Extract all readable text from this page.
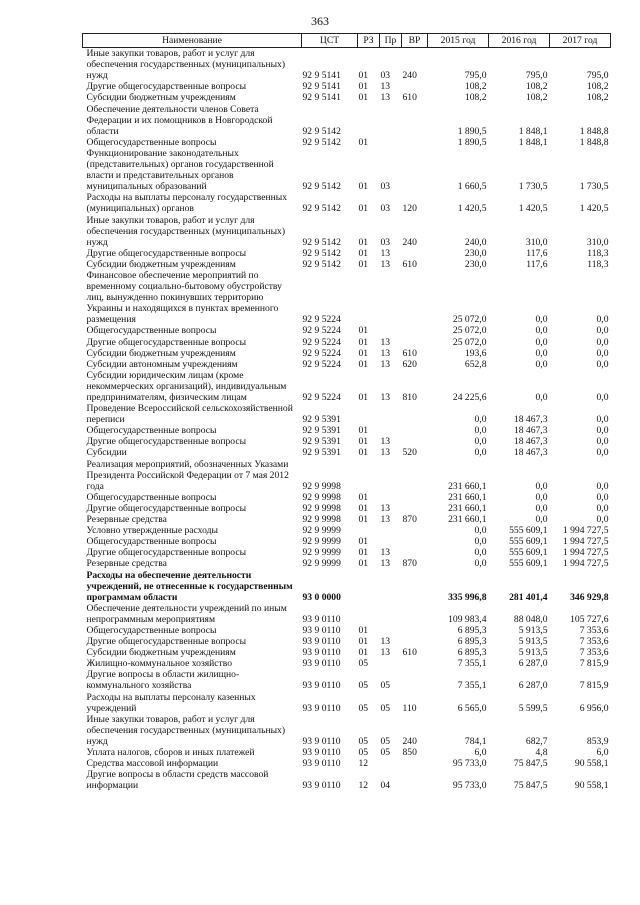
363
Наименование	ЦСТ	РЗ	Пр	ВР	2015 год	2016 год	2017 год
Иные закупки товаров, работ и услуг для обеспечения государственных (муниципальных) нужд	92 9 5141	01	03	240	795,0	795,0	795,0
Другие общегосударственные вопросы	92 9 5141	01	13		108,2	108,2	108,2
Субсидии бюджетным учреждениям	92 9 5141	01	13	610	108,2	108,2	108,2
Обеспечение деятельности членов Совета Федерации и их помощников в Новгородской области	92 9 5142				1 890,5	1 848,1	1 848,8
Общегосударственные вопросы	92 9 5142	01			1 890,5	1 848,1	1 848,8
Функционирование законодательных (представительных) органов государственной власти и представительных органов муниципальных образований	92 9 5142	01	03		1 660,5	1 730,5	1 730,5
Расходы на выплаты персоналу государственных (муниципальных) органов	92 9 5142	01	03	120	1 420,5	1 420,5	1 420,5
Иные закупки товаров, работ и услуг для обеспечения государственных (муниципальных) нужд	92 9 5142	01	03	240	240,0	310,0	310,0
Другие общегосударственные вопросы	92 9 5142	01	13		230,0	117,6	118,3
Субсидии бюджетным учреждениям	92 9 5142	01	13	610	230,0	117,6	118,3
Финансовое обеспечение мероприятий по временному социально-бытовому обустройству лиц, вынужденно покинувших территорию Украины и находящихся в пунктах временного размещения	92 9 5224				25 072,0	0,0	0,0
Общегосударственные вопросы	92 9 5224	01			25 072,0	0,0	0,0
Другие общегосударственные вопросы	92 9 5224	01	13		25 072,0	0,0	0,0
Субсидии бюджетным учреждениям	92 9 5224	01	13	610	193,6	0,0	0,0
Субсидии автономным учреждениям	92 9 5224	01	13	620	652,8	0,0	0,0
Субсидии юридическим лицам (кроме некоммерческих организаций), индивидуальным предпринимателям, физическим лицам	92 9 5224	01	13	810	24 225,6	0,0	0,0
Проведение Всероссийской сельскохозяйственной переписи	92 9 5391				0,0	18 467,3	0,0
Общегосударственные вопросы	92 9 5391	01			0,0	18 467,3	0,0
Другие общегосударственные вопросы	92 9 5391	01	13		0,0	18 467,3	0,0
Субсидии	92 9 5391	01	13	520	0,0	18 467,3	0,0
Реализация мероприятий, обозначенных Указами Президента Российской Федерации от 7 мая 2012 года	92 9 9998				231 660,1	0,0	0,0
Общегосударственные вопросы	92 9 9998	01			231 660,1	0,0	0,0
Другие общегосударственные вопросы	92 9 9998	01	13		231 660,1	0,0	0,0
Резервные средства	92 9 9998	01	13	870	231 660,1	0,0	0,0
Условно утвержденные расходы	92 9 9999				0,0	555 609,1	1 994 727,5
Общегосударственные вопросы	92 9 9999	01			0,0	555 609,1	1 994 727,5
Другие общегосударственные вопросы	92 9 9999	01	13		0,0	555 609,1	1 994 727,5
Резервные средства	92 9 9999	01	13	870	0,0	555 609,1	1 994 727,5
Расходы на обеспечение деятельности учреждений, не отнесенные к государственным программам области	93 0 0000				335 996,8	281 401,4	346 929,8
Обеспечение деятельности учреждений по иным непрограммным мероприятиям	93 9 0110				109 983,4	88 048,0	105 727,6
Общегосударственные вопросы	93 9 0110	01			6 895,3	5 913,5	7 353,6
Другие общегосударственные вопросы	93 9 0110	01	13		6 895,3	5 913,5	7 353,6
Субсидии бюджетным учреждениям	93 9 0110	01	13	610	6 895,3	5 913,5	7 353,6
Жилищно-коммунальное хозяйство	93 9 0110	05			7 355,1	6 287,0	7 815,9
Другие вопросы в области жилищно-коммунального хозяйства	93 9 0110	05	05		7 355,1	6 287,0	7 815,9
Расходы на выплаты персоналу казенных учреждений	93 9 0110	05	05	110	6 565,0	5 599,5	6 956,0
Иные закупки товаров, работ и услуг для обеспечения государственных (муниципальных) нужд	93 9 0110	05	05	240	784,1	682,7	853,9
Уплата налогов, сборов и иных платежей	93 9 0110	05	05	850	6,0	4,8	6,0
Средства массовой информации	93 9 0110	12			95 733,0	75 847,5	90 558,1
Другие вопросы в области средств массовой информации	93 9 0110	12	04		95 733,0	75 847,5	90 558,1
